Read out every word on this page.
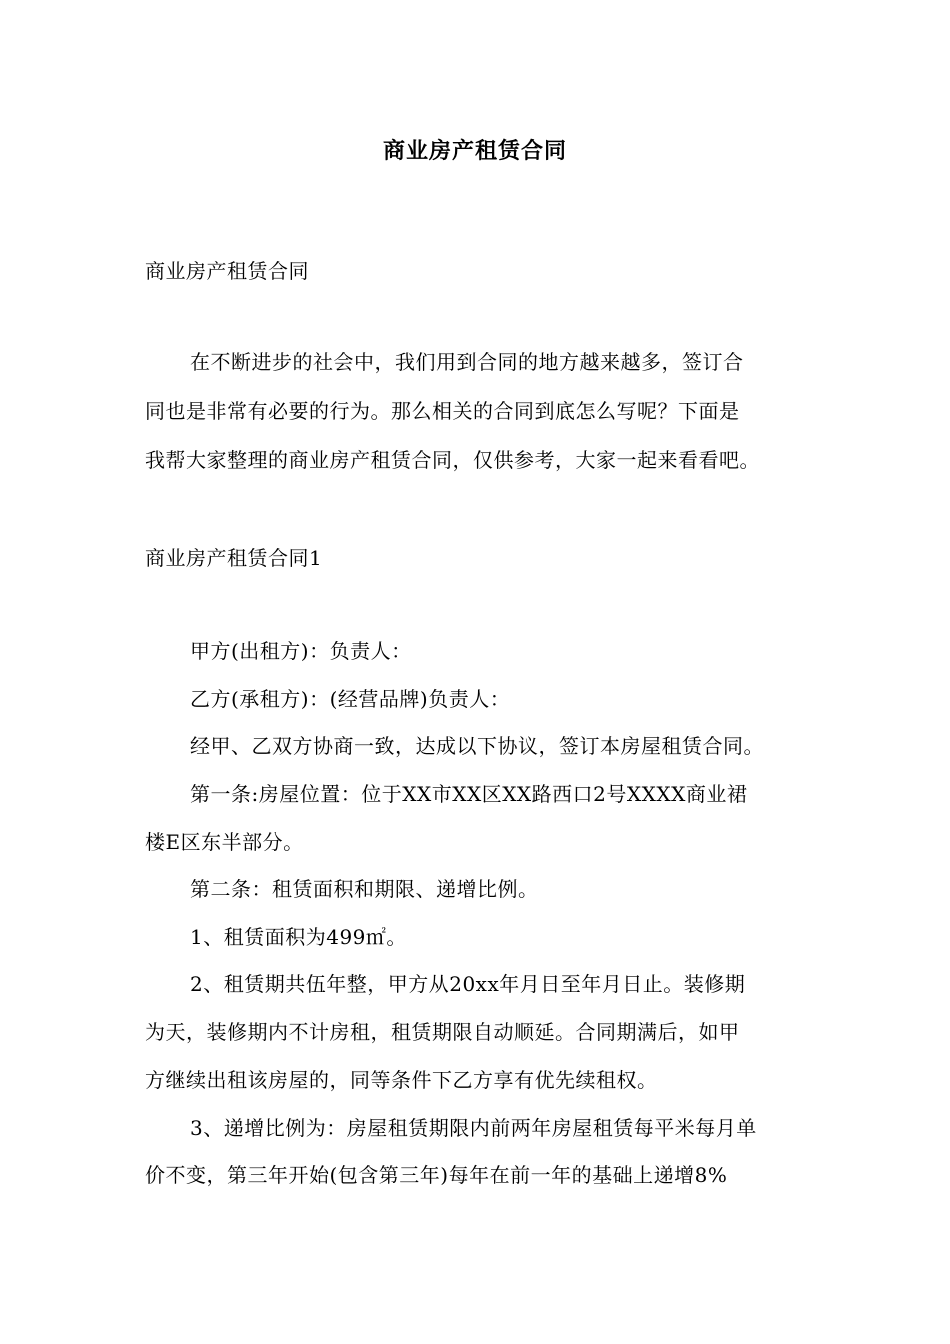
商业房产租赁合同
商业房产租赁合同
在不断进步的社会中，我们用到合同的地方越来越多，签订合
同也是非常有必要的行为。那么相关的合同到底怎么写呢？下面是
我帮大家整理的商业房产租赁合同，仅供参考，大家一起来看看吧。
商业房产租赁合同1
甲方(出租方)：负责人：
乙方(承租方)：(经营品牌)负责人：
经甲、乙双方协商一致，达成以下协议，签订本房屋租赁合同。
第一条:房屋位置：位于XX市XX区XX路西口2号XXXX商业裙
楼E区东半部分。
第二条：租赁面积和期限、递增比例。
1、租赁面积为499㎡。
2、租赁期共伍年整，甲方从20xx年月日至年月日止。装修期
为天，装修期内不计房租，租赁期限自动顺延。合同期满后，如甲
方继续出租该房屋的，同等条件下乙方享有优先续租权。
3、递增比例为：房屋租赁期限内前两年房屋租赁每平米每月单
价不变，第三年开始(包含第三年)每年在前一年的基础上递增8%
